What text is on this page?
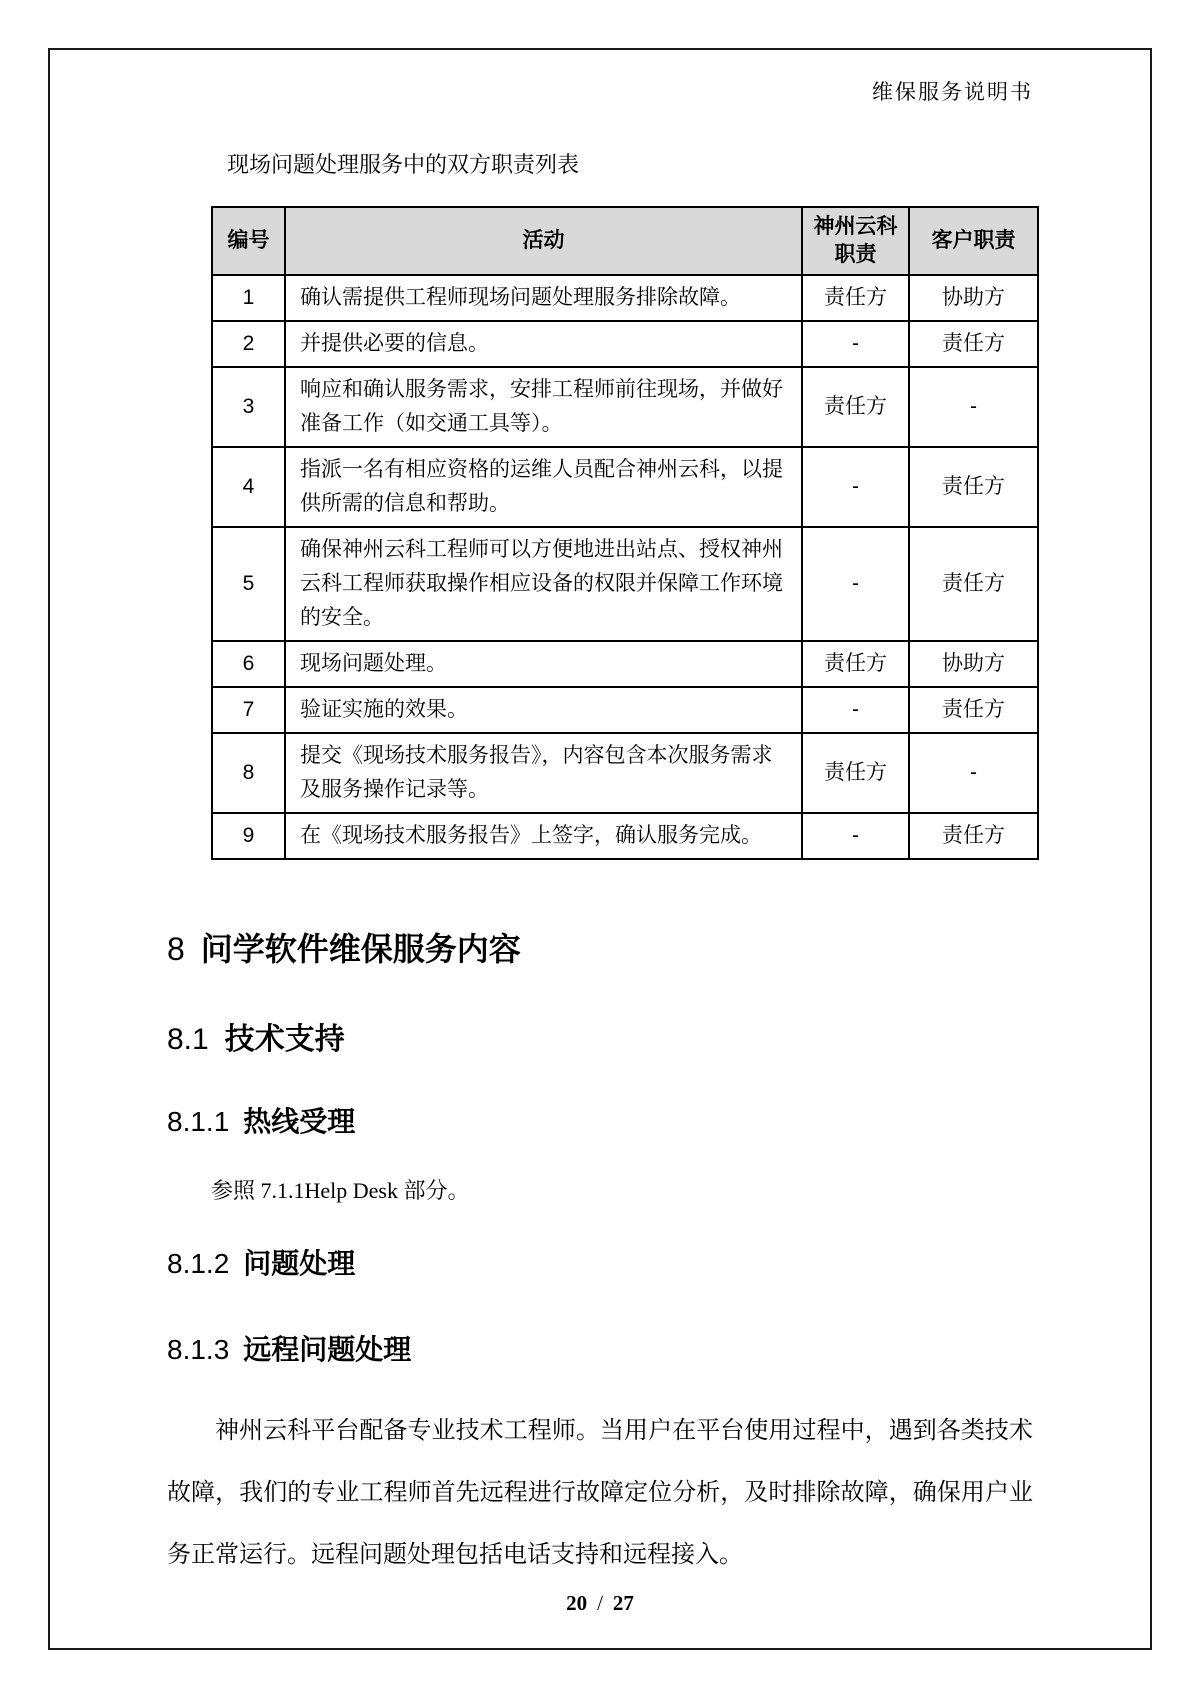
维保服务说明书

现场问题处理服务中的双方职责列表

编号	活动	神州云科职责	客户职责
1	确认需提供工程师现场问题处理服务排除故障。	责任方	协助方
2	并提供必要的信息。	-	责任方
3	响应和确认服务需求，安排工程师前往现场，并做好准备工作（如交通工具等）。	责任方	-
4	指派一名有相应资格的运维人员配合神州云科，以提供所需的信息和帮助。	-	责任方
5	确保神州云科工程师可以方便地进出站点、授权神州云科工程师获取操作相应设备的权限并保障工作环境的安全。	-	责任方
6	现场问题处理。	责任方	协助方
7	验证实施的效果。	-	责任方
8	提交《现场技术服务报告》，内容包含本次服务需求及服务操作记录等。	责任方	-
9	在《现场技术服务报告》上签字，确认服务完成。	-	责任方
8 问学软件维保服务内容
8.1 技术支持
8.1.1 热线受理

参照 7.1.1Help Desk 部分。

8.1.2 问题处理
8.1.3 远程问题处理

神州云科平台配备专业技术工程师。当用户在平台使用过程中，遇到各类技术故障，我们的专业工程师首先远程进行故障定位分析，及时排除故障，确保用户业务正常运行。远程问题处理包括电话支持和远程接入。

20 / 27
